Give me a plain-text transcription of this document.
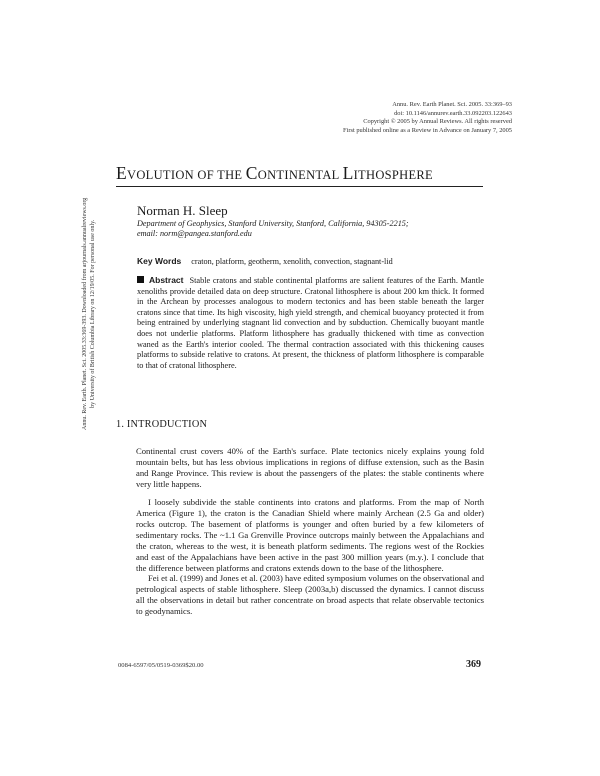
Annu. Rev. Earth Planet. Sci. 2005. 33:369–93
doi: 10.1146/annurev.earth.33.092203.122643
Copyright © 2005 by Annual Reviews. All rights reserved
First published online as a Review in Advance on January 7, 2005
EVOLUTION OF THE CONTINENTAL LITHOSPHERE
Norman H. Sleep
Department of Geophysics, Stanford University, Stanford, California, 94305-2215;
email: norm@pangea.stanford.edu
Key Words craton, platform, geotherm, xenolith, convection, stagnant-lid
Abstract Stable cratons and stable continental platforms are salient features of the Earth. Mantle xenoliths provide detailed data on deep structure. Cratonal lithosphere is about 200 km thick. It formed in the Archean by processes analogous to modern tectonics and has been stable beneath the larger cratons since that time. Its high viscosity, high yield strength, and chemical buoyancy protected it from being entrained by underlying stagnant lid convection and by subduction. Chemically buoyant mantle does not underlie platforms. Platform lithosphere has gradually thickened with time as convection waned as the Earth's interior cooled. The thermal contraction associated with this thickening causes platforms to subside relative to cratons. At present, the thickness of platform lithosphere is comparable to that of cratonal lithosphere.
1. INTRODUCTION

Continental crust covers 40% of the Earth's surface. Plate tectonics nicely explains young fold mountain belts, but has less obvious implications in regions of diffuse extension, such as the Basin and Range Province. This review is about the passengers of the plates: the stable continents where very little happens.

I loosely subdivide the stable continents into cratons and platforms. From the map of North America (Figure 1), the craton is the Canadian Shield where mainly Archean (2.5 Ga and older) rocks outcrop. The basement of platforms is younger and often buried by a few kilometers of sedimentary rocks. The ~1.1 Ga Grenville Province outcrops mainly between the Appalachians and the craton, whereas to the west, it is beneath platform sediments. The regions west of the Rockies and east of the Appalachians have been active in the past 300 million years (m.y.). I conclude that the difference between platforms and cratons extends down to the base of the lithosphere.

Fei et al. (1999) and Jones et al. (2003) have edited symposium volumes on the observational and petrological aspects of stable lithosphere. Sleep (2003a,b) discussed the dynamics. I cannot discuss all the observations in detail but rather concentrate on broad aspects that relate observable tectonics to geodynamics.

Annu. Rev. Earth. Planet. Sci. 2005.33:369-393. Downloaded from arjournals.annualreviews.org by University of British Columbia Library on 12/19/05. For personal use only.
0084-6597/05/0519-0369$20.00	369
